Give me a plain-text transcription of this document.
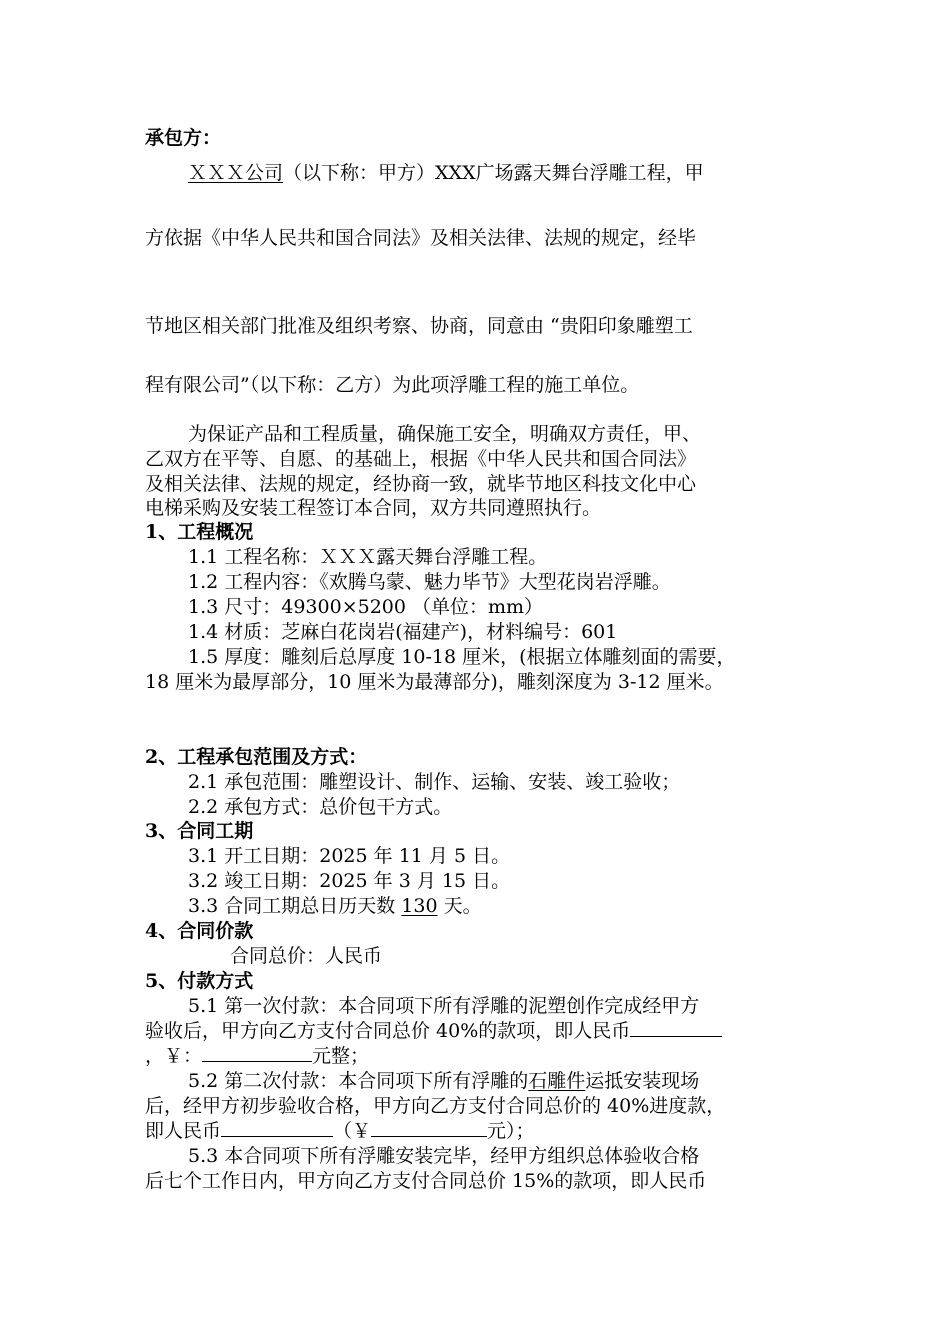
承包方：
ＸＸＸ公司（以下称：甲方）XXX广场露天舞台浮雕工程，甲
方依据《中华人民共和国合同法》及相关法律、法规的规定，经毕
节地区相关部门批准及组织考察、协商，同意由 “贵阳印象雕塑工
程有限公司”（以下称：乙方）为此项浮雕工程的施工单位。
为保证产品和工程质量，确保施工安全，明确双方责任，甲、
乙双方在平等、自愿、的基础上，根据《中华人民共和国合同法》
及相关法律、法规的规定，经协商一致，就毕节地区科技文化中心
电梯采购及安装工程签订本合同，双方共同遵照执行。
1、工程概况
1.1 工程名称：ＸＸＸ露天舞台浮雕工程。
1.2 工程内容：《欢腾乌蒙、魅力毕节》大型花岗岩浮雕。
1.3 尺寸：49300×5200 （单位：mm）
1.4 材质：芝麻白花岗岩(福建产)，材料编号：601
1.5 厚度：雕刻后总厚度 10-18 厘米，(根据立体雕刻面的需要，
18 厘米为最厚部分，10 厘米为最薄部分)，雕刻深度为 3-12 厘米。
2、工程承包范围及方式：
2.1 承包范围：雕塑设计、制作、运输、安装、竣工验收；
2.2 承包方式：总价包干方式。
3、合同工期
3.1 开工日期：2025 年 11 月 5 日。
3.2 竣工日期：2025 年 3 月 15 日。
3.3 合同工期总日历天数 130 天。
4、合同价款
合同总价：人民币
5、付款方式
5.1 第一次付款：本合同项下所有浮雕的泥塑创作完成经甲方
验收后，甲方向乙方支付合同总价 40%的款项，即人民币
，￥：	元整；
5.2 第二次付款：本合同项下所有浮雕的石雕件运抵安装现场
后，经甲方初步验收合格，甲方向乙方支付合同总价的 40%进度款，
即人民币	（￥	元）；
5.3 本合同项下所有浮雕安装完毕，经甲方组织总体验收合格
后七个工作日内，甲方向乙方支付合同总价 15%的款项，即人民币
